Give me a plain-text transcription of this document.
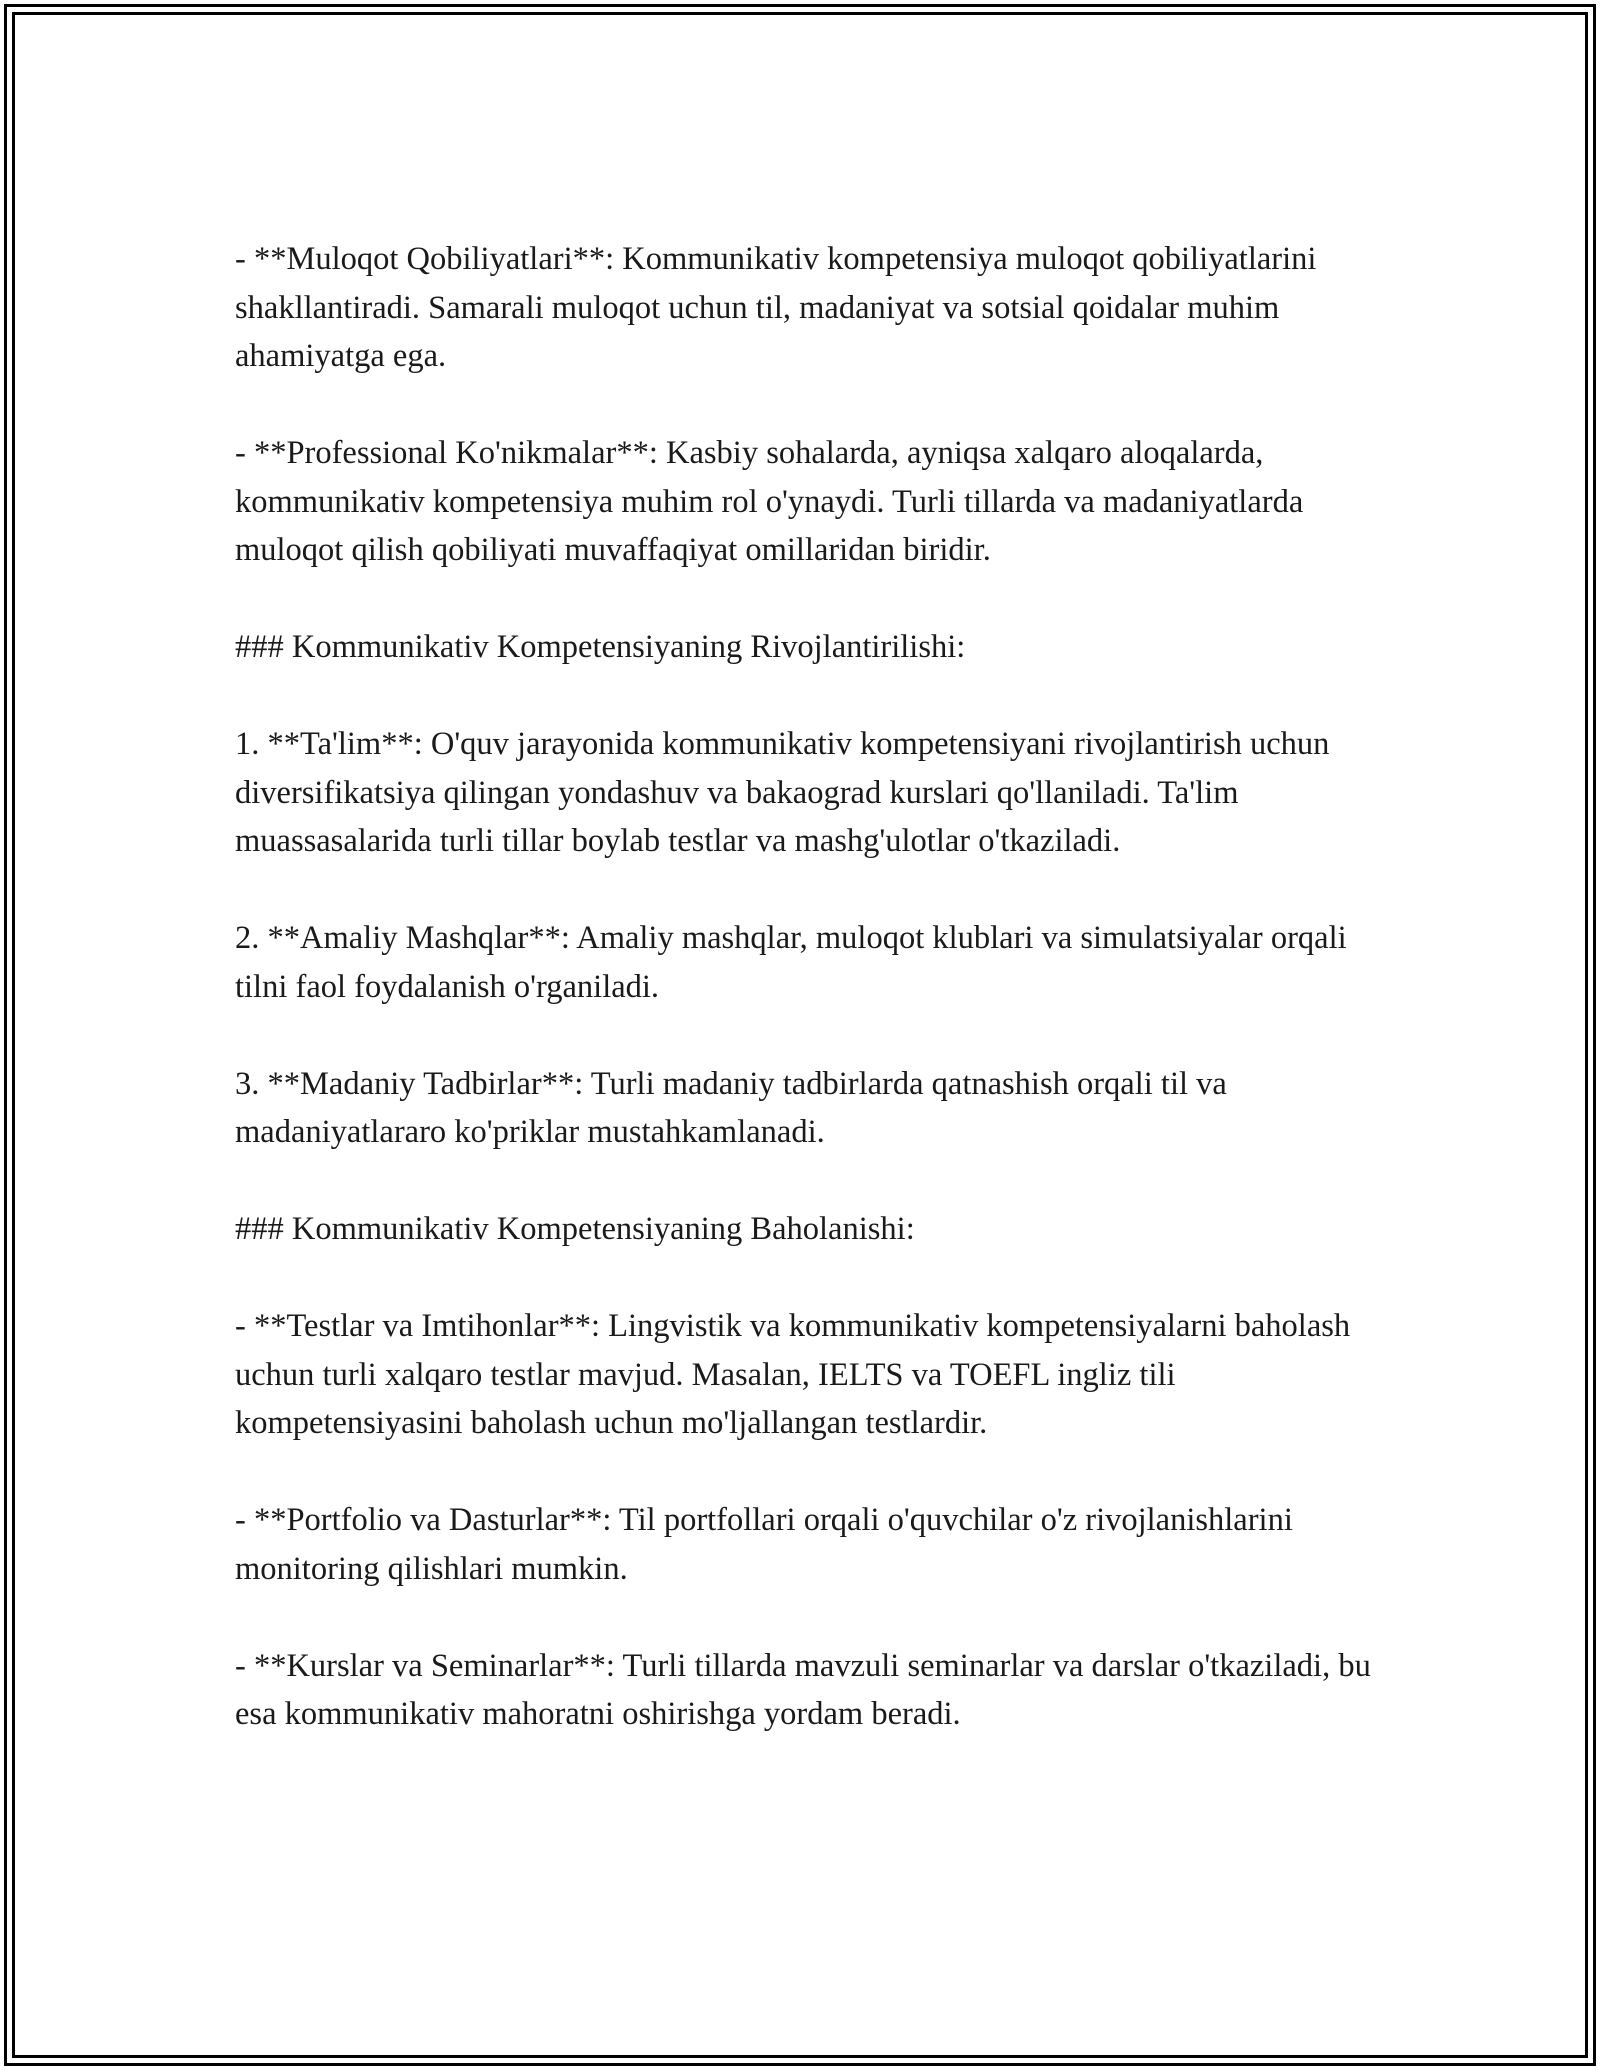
- **Muloqot Qobiliyatlari**: Kommunikativ kompetensiya muloqot qobiliyatlarini shakllantiradi. Samarali muloqot uchun til, madaniyat va sotsial qoidalar muhim ahamiyatga ega.

- **Professional Ko'nikmalar**: Kasbiy sohalarda, ayniqsa xalqaro aloqalarda, kommunikativ kompetensiya muhim rol o'ynaydi. Turli tillarda va madaniyatlarda muloqot qilish qobiliyati muvaffaqiyat omillaridan biridir.

### Kommunikativ Kompetensiyaning Rivojlantirilishi:

1. **Ta'lim**: O'quv jarayonida kommunikativ kompetensiyani rivojlantirish uchun diversifikatsiya qilingan yondashuv va bakaograd kurslari qo'llaniladi. Ta'lim muassasalarida turli tillar boylab testlar va mashg'ulotlar o'tkaziladi.

2. **Amaliy Mashqlar**: Amaliy mashqlar, muloqot klublari va simulatsiyalar orqali tilni faol foydalanish o'rganiladi.

3. **Madaniy Tadbirlar**: Turli madaniy tadbirlarda qatnashish orqali til va madaniyatlararo ko'priklar mustahkamlanadi.

### Kommunikativ Kompetensiyaning Baholanishi:

- **Testlar va Imtihonlar**: Lingvistik va kommunikativ kompetensiyalarni baholash uchun turli xalqaro testlar mavjud. Masalan, IELTS va TOEFL ingliz tili kompetensiyasini baholash uchun mo'ljallangan testlardir.

- **Portfolio va Dasturlar**: Til portfollari orqali o'quvchilar o'z rivojlanishlarini monitoring qilishlari mumkin.

- **Kurslar va Seminarlar**: Turli tillarda mavzuli seminarlar va darslar o'tkaziladi, bu esa kommunikativ mahoratni oshirishga yordam beradi.
